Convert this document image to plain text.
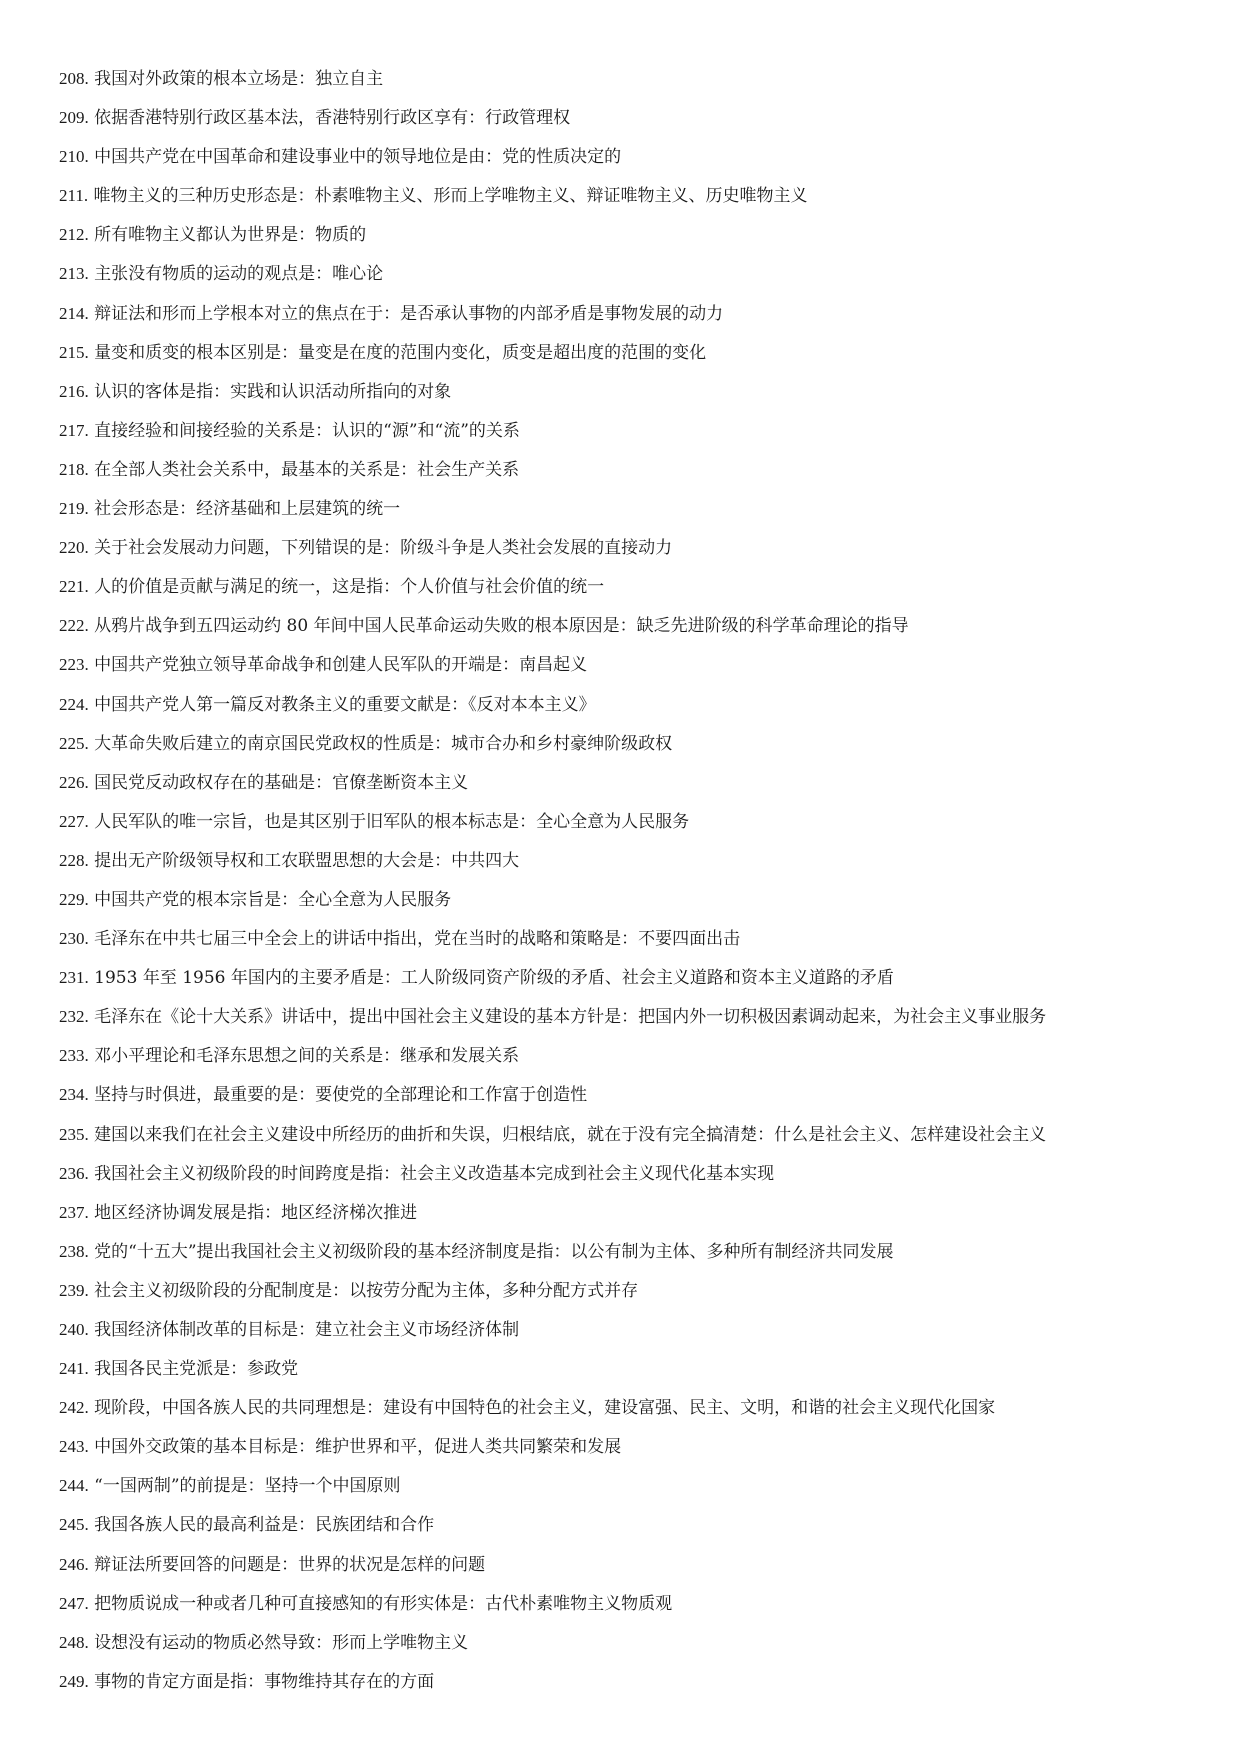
208. 我国对外政策的根本立场是：独立自主
209. 依据香港特别行政区基本法，香港特别行政区享有：行政管理权
210. 中国共产党在中国革命和建设事业中的领导地位是由：党的性质决定的
211. 唯物主义的三种历史形态是：朴素唯物主义、形而上学唯物主义、辩证唯物主义、历史唯物主义
212. 所有唯物主义都认为世界是：物质的
213. 主张没有物质的运动的观点是：唯心论
214. 辩证法和形而上学根本对立的焦点在于：是否承认事物的内部矛盾是事物发展的动力
215. 量变和质变的根本区别是：量变是在度的范围内变化，质变是超出度的范围的变化
216. 认识的客体是指：实践和认识活动所指向的对象
217. 直接经验和间接经验的关系是：认识的“源”和“流”的关系
218. 在全部人类社会关系中，最基本的关系是：社会生产关系
219. 社会形态是：经济基础和上层建筑的统一
220. 关于社会发展动力问题，下列错误的是：阶级斗争是人类社会发展的直接动力
221. 人的价值是贡献与满足的统一，这是指：个人价值与社会价值的统一
222. 从鸦片战争到五四运动约 80 年间中国人民革命运动失败的根本原因是：缺乏先进阶级的科学革命理论的指导
223. 中国共产党独立领导革命战争和创建人民军队的开端是：南昌起义
224. 中国共产党人第一篇反对教条主义的重要文献是：《反对本本主义》
225. 大革命失败后建立的南京国民党政权的性质是：城市合办和乡村豪绅阶级政权
226. 国民党反动政权存在的基础是：官僚垄断资本主义
227. 人民军队的唯一宗旨，也是其区别于旧军队的根本标志是：全心全意为人民服务
228. 提出无产阶级领导权和工农联盟思想的大会是：中共四大
229. 中国共产党的根本宗旨是：全心全意为人民服务
230. 毛泽东在中共七届三中全会上的讲话中指出，党在当时的战略和策略是：不要四面出击
231. 1953 年至 1956 年国内的主要矛盾是：工人阶级同资产阶级的矛盾、社会主义道路和资本主义道路的矛盾
232. 毛泽东在《论十大关系》讲话中，提出中国社会主义建设的基本方针是：把国内外一切积极因素调动起来，为社会主义事业服务
233. 邓小平理论和毛泽东思想之间的关系是：继承和发展关系
234. 坚持与时俱进，最重要的是：要使党的全部理论和工作富于创造性
235. 建国以来我们在社会主义建设中所经历的曲折和失误，归根结底，就在于没有完全搞清楚：什么是社会主义、怎样建设社会主义
236. 我国社会主义初级阶段的时间跨度是指：社会主义改造基本完成到社会主义现代化基本实现
237. 地区经济协调发展是指：地区经济梯次推进
238. 党的“十五大”提出我国社会主义初级阶段的基本经济制度是指：以公有制为主体、多种所有制经济共同发展
239. 社会主义初级阶段的分配制度是：以按劳分配为主体，多种分配方式并存
240. 我国经济体制改革的目标是：建立社会主义市场经济体制
241. 我国各民主党派是：参政党
242. 现阶段，中国各族人民的共同理想是：建设有中国特色的社会主义，建设富强、民主、文明，和谐的社会主义现代化国家
243. 中国外交政策的基本目标是：维护世界和平，促进人类共同繁荣和发展
244. “一国两制”的前提是：坚持一个中国原则
245. 我国各族人民的最高利益是：民族团结和合作
246. 辩证法所要回答的问题是：世界的状况是怎样的问题
247. 把物质说成一种或者几种可直接感知的有形实体是：古代朴素唯物主义物质观
248. 设想没有运动的物质必然导致：形而上学唯物主义
249. 事物的肯定方面是指：事物维持其存在的方面
